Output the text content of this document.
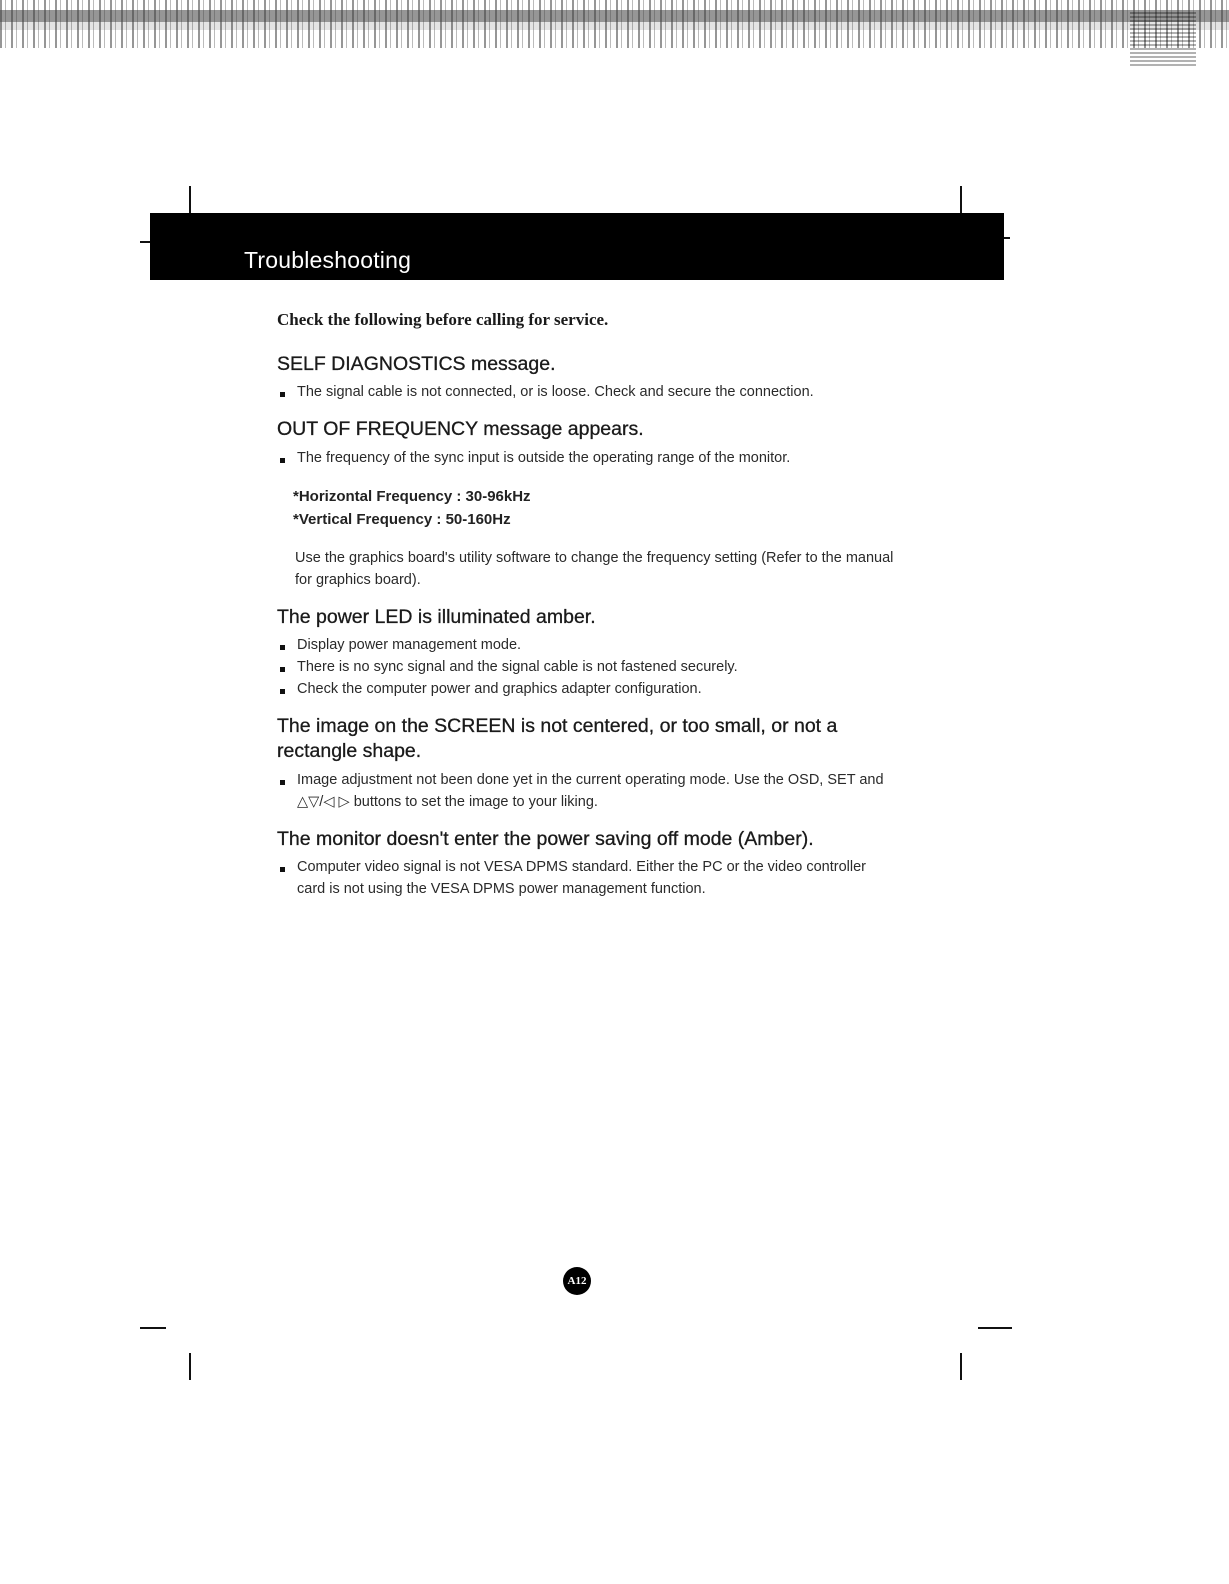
Troubleshooting

Check the following before calling for service.

SELF DIAGNOSTICS message.
The signal cable is not connected, or is loose. Check and secure the connection.
OUT OF FREQUENCY message appears.
The frequency of the sync input is outside the operating range of the monitor.
*Horizontal Frequency : 30-96kHz
*Vertical Frequency : 50-160Hz

Use the graphics board's utility software to change the frequency setting (Refer to the manual for graphics board).

The power LED is illuminated amber.
Display power management mode.
There is no sync signal and the signal cable is not fastened securely.
Check the computer power and graphics adapter configuration.
The image on the SCREEN is not centered, or too small, or not a rectangle shape.
Image adjustment not been done yet in the current operating mode. Use the OSD, SET and △▽/◁ ▷ buttons to set the image to your liking.
The monitor doesn't enter the power saving off mode (Amber).
Computer video signal is not VESA DPMS standard. Either the PC or the video controller card is not using the VESA DPMS power management function.
A12
